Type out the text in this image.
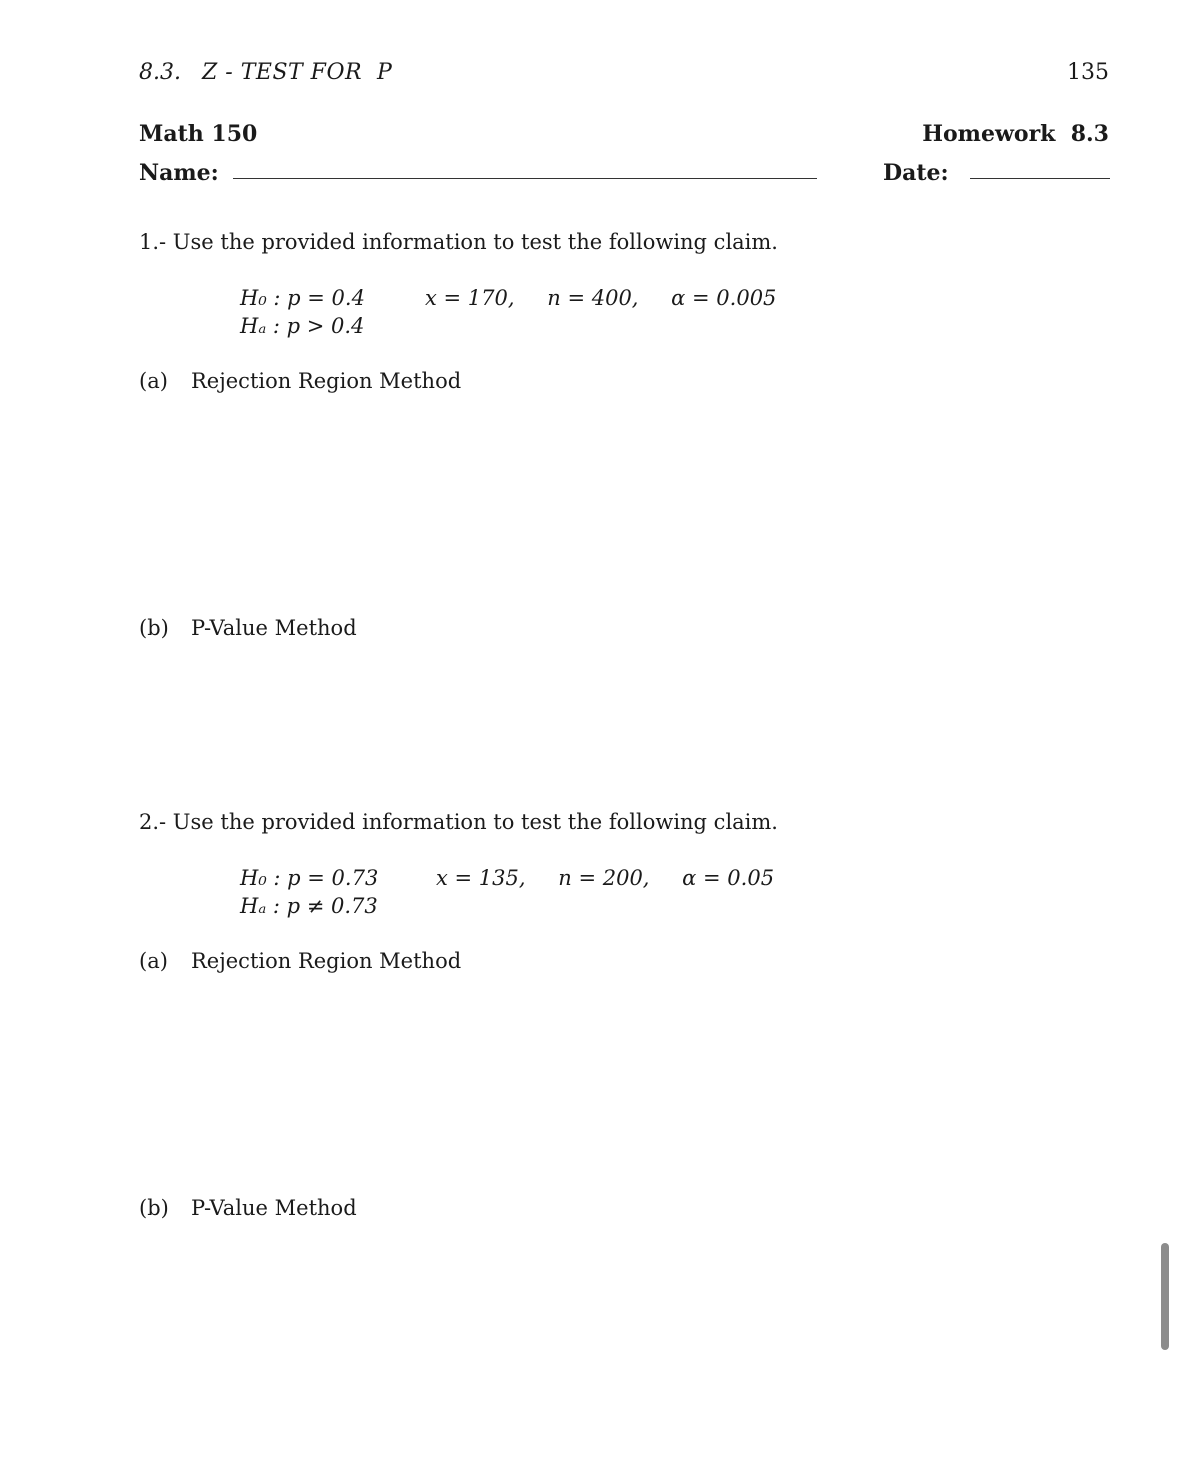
8.3. Z - TEST FOR P	135
Math 150	Homework  8.3
Name:	Date:
1.- Use the provided information to test the following claim.
H₀ : p = 0.4
Hₐ : p > 0.4
x = 170, n = 400, α = 0.005
(a) Rejection Region Method
(b) P-Value Method
2.- Use the provided information to test the following claim.
H₀ : p = 0.73
Hₐ : p ≠ 0.73
x = 135, n = 200, α = 0.05
(a) Rejection Region Method
(b) P-Value Method
